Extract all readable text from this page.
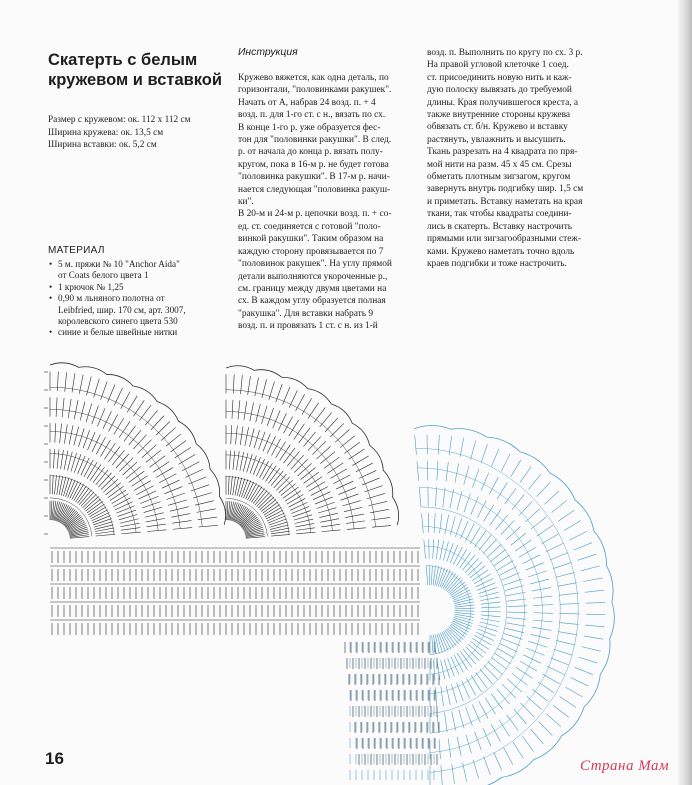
Скатерть с белым
кружевом и вставкой
Размер с кружевом: ок. 112 х 112 см
Ширина кружева: ок. 13,5 см
Ширина вставки: ок. 5,2 см
МАТЕРИАЛ
• 5 м. пряжи № 10 "Anchor Aida"
от Coats белого цвета 1
• 1 крючок № 1,25
• 0,90 м льняного полотна от
Leibfried, шир. 170 см, арт. 3007,
королевского синего цвета 530
• синие и белые швейные нитки
Инструкция
Кружево вяжется, как одна деталь, по
горизонтали, "половинками ракушек".
Начать от А, набрав 24 возд. п. + 4
возд. п. для 1-го ст. с н., вязать по сх.
В конце 1-го р. уже образуется фес-
тон для "половинки ракушки". В след.
р. от начала до конца р. вязать полу-
кругом, пока в 16-м р. не будет готова
"половинка ракушки". В 17-м р. начи-
нается следующая "половинка ракуш-
ки".
В 20-м и 24-м р. цепочки возд. п. + со-
ед. ст. соединяется с готовой "поло-
винкой ракушки". Таким образом на
каждую сторону провязывается по 7
"половинок ракушек". На углу прямой
детали выполняются укороченные р.,
см. границу между двумя цветами на
сх. В каждом углу образуется полная
"ракушка". Для вставки набрать 9
возд. п. и провязать 1 ст. с н. из 1-й
возд. п. Выполнить по кругу по сх. 3 р.
На правой угловой клеточке 1 соед.
ст. присоединить новую нить и каж-
дую полоску вывязать до требуемой
длины. Края получившегося креста, а
также внутренние стороны кружева
обвязать ст. б/н. Кружево и вставку
растянуть, увлажнить и высушить.
Ткань разрезать на 4 квадрата по пря-
мой нити на разм. 45 х 45 см. Срезы
обметать плотным зигзагом, кругом
завернуть внутрь подгибку шир. 1,5 см
и приметать. Вставку наметать на края
ткани, так чтобы квадраты соедини-
лись в скатерть. Вставку настрочить
прямыми или зигзагообразными стеж-
ками. Кружево наметать точно вдоль
краев подгибки и тоже настрочить.
16	Страна Мам
